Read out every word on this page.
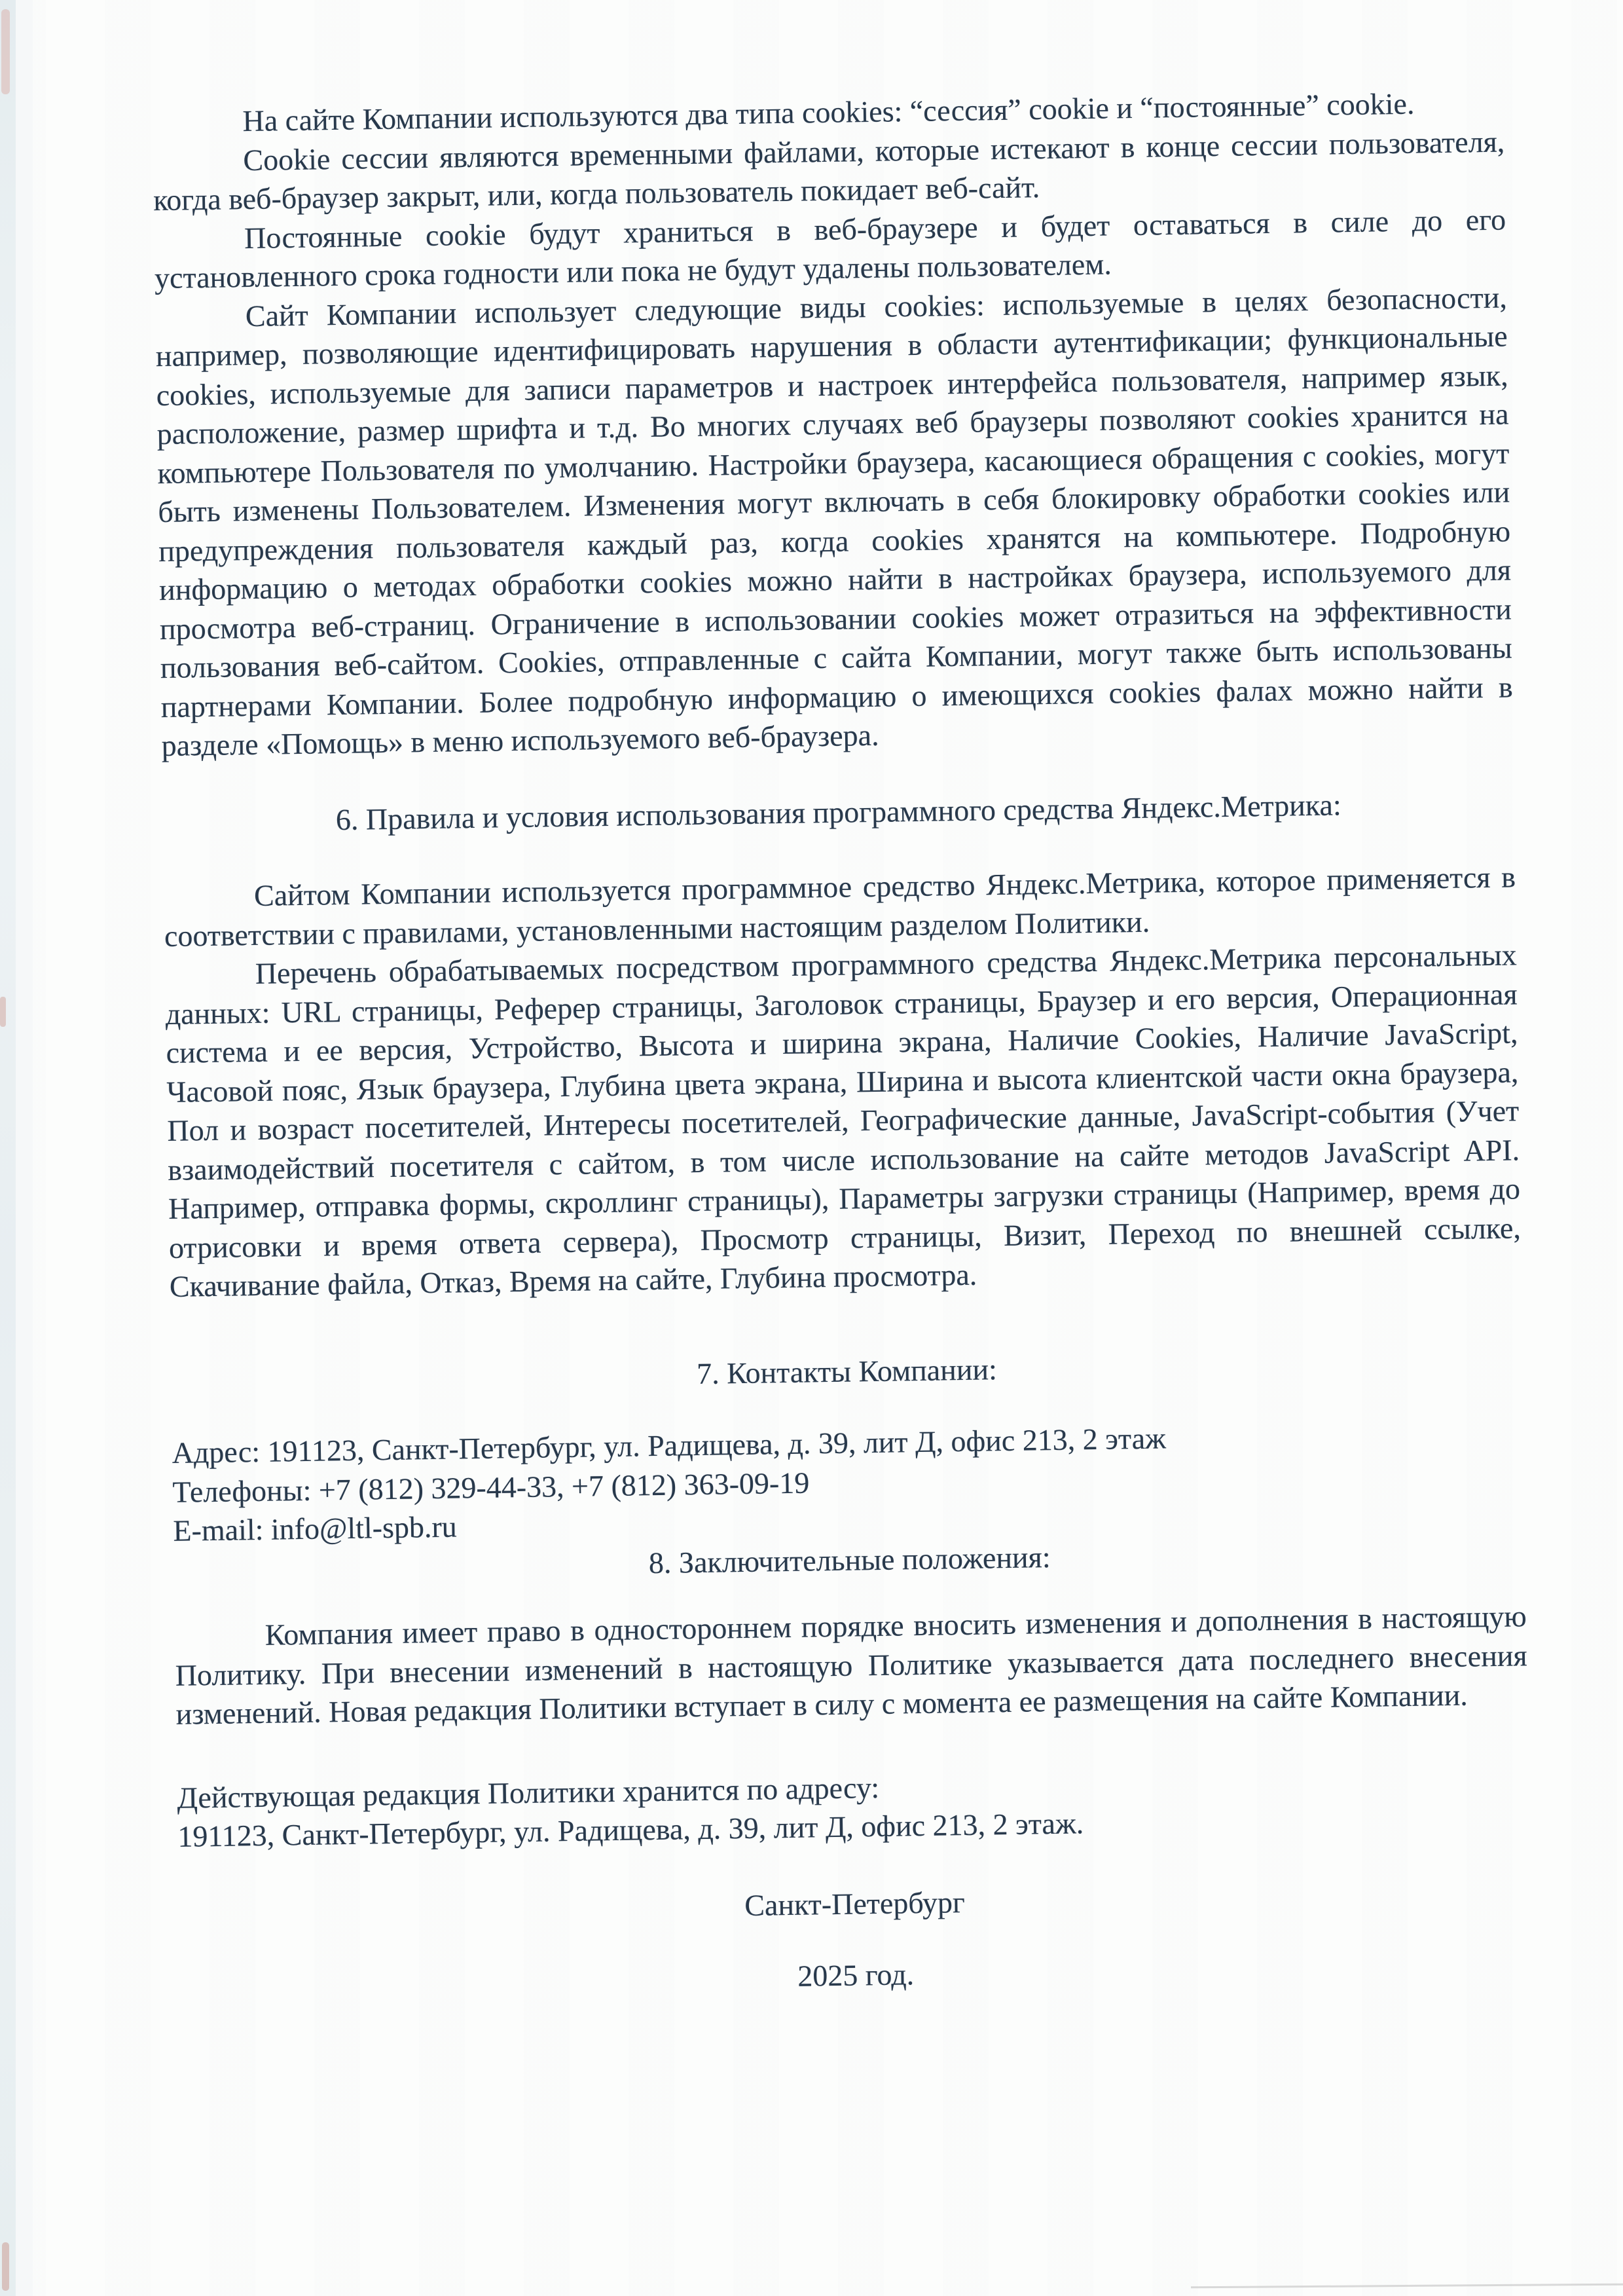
На сайте Компании используются два типа cookies: “сессия” cookie и “постоянные” cookie.

Cookie сессии являются временными файлами, которые истекают в конце сессии пользователя, когда веб-браузер закрыт, или, когда пользователь покидает веб-сайт.

Постоянные cookie будут храниться в веб-браузере и будет оставаться в силе до его установленного срока годности или пока не будут удалены пользователем.

Сайт Компании использует следующие виды cookies: используемые в целях безопасности, например, позволяющие идентифицировать нарушения в области аутентификации; функциональные cookies, используемые для записи параметров и настроек интерфейса пользователя, например язык, расположение, размер шрифта и т.д. Во многих случаях веб браузеры позволяют cookies хранится на компьютере Пользователя по умолчанию. Настройки браузера, касающиеся обращения с cookies, могут быть изменены Пользователем. Изменения могут включать в себя блокировку обработки cookies или предупреждения пользователя каждый раз, когда cookies хранятся на компьютере. Подробную информацию о методах обработки cookies можно найти в настройках браузера, используемого для просмотра веб-страниц. Ограничение в использовании cookies может отразиться на эффективности пользования веб-сайтом. Cookies, отправленные с сайта Компании, могут также быть использованы партнерами Компании. Более подробную информацию о имеющихся cookies фалах можно найти в разделе «Помощь» в меню используемого веб-браузера.

6. Правила и условия использования программного средства Яндекс.Метрика:

Сайтом Компании используется программное средство Яндекс.Метрика, которое применяется в соответствии с правилами, установленными настоящим разделом Политики.

Перечень обрабатываемых посредством программного средства Яндекс.Метрика персональных данных: URL страницы, Реферер страницы, Заголовок страницы, Браузер и его версия, Операционная система и ее версия, Устройство, Высота и ширина экрана, Наличие Cookies, Наличие JavaScript, Часовой пояс, Язык браузера, Глубина цвета экрана, Ширина и высота клиентской части окна браузера, Пол и возраст посетителей, Интересы посетителей, Географические данные, JavaScript-события (Учет взаимодействий посетителя с сайтом, в том числе использование на сайте методов JavaScript API. Например, отправка формы, скроллинг страницы), Параметры загрузки страницы (Например, время до отрисовки и время ответа сервера), Просмотр страницы, Визит, Переход по внешней ссылке, Скачивание файла, Отказ, Время на сайте, Глубина просмотра.

7. Контакты Компании:

Адрес: 191123, Санкт-Петербург, ул. Радищева, д. 39, лит Д, офис 213, 2 этаж

Телефоны: +7 (812) 329-44-33, +7 (812) 363-09-19

E-mail: info@ltl-spb.ru

8. Заключительные положения:

Компания имеет право в одностороннем порядке вносить изменения и дополнения в настоящую Политику. При внесении изменений в настоящую Политике указывается дата последнего внесения изменений. Новая редакция Политики вступает в силу с момента ее размещения на сайте Компании.

Действующая редакция Политики хранится по адресу:

191123, Санкт-Петербург, ул. Радищева, д. 39, лит Д, офис 213, 2 этаж.

Санкт-Петербург

2025 год.
